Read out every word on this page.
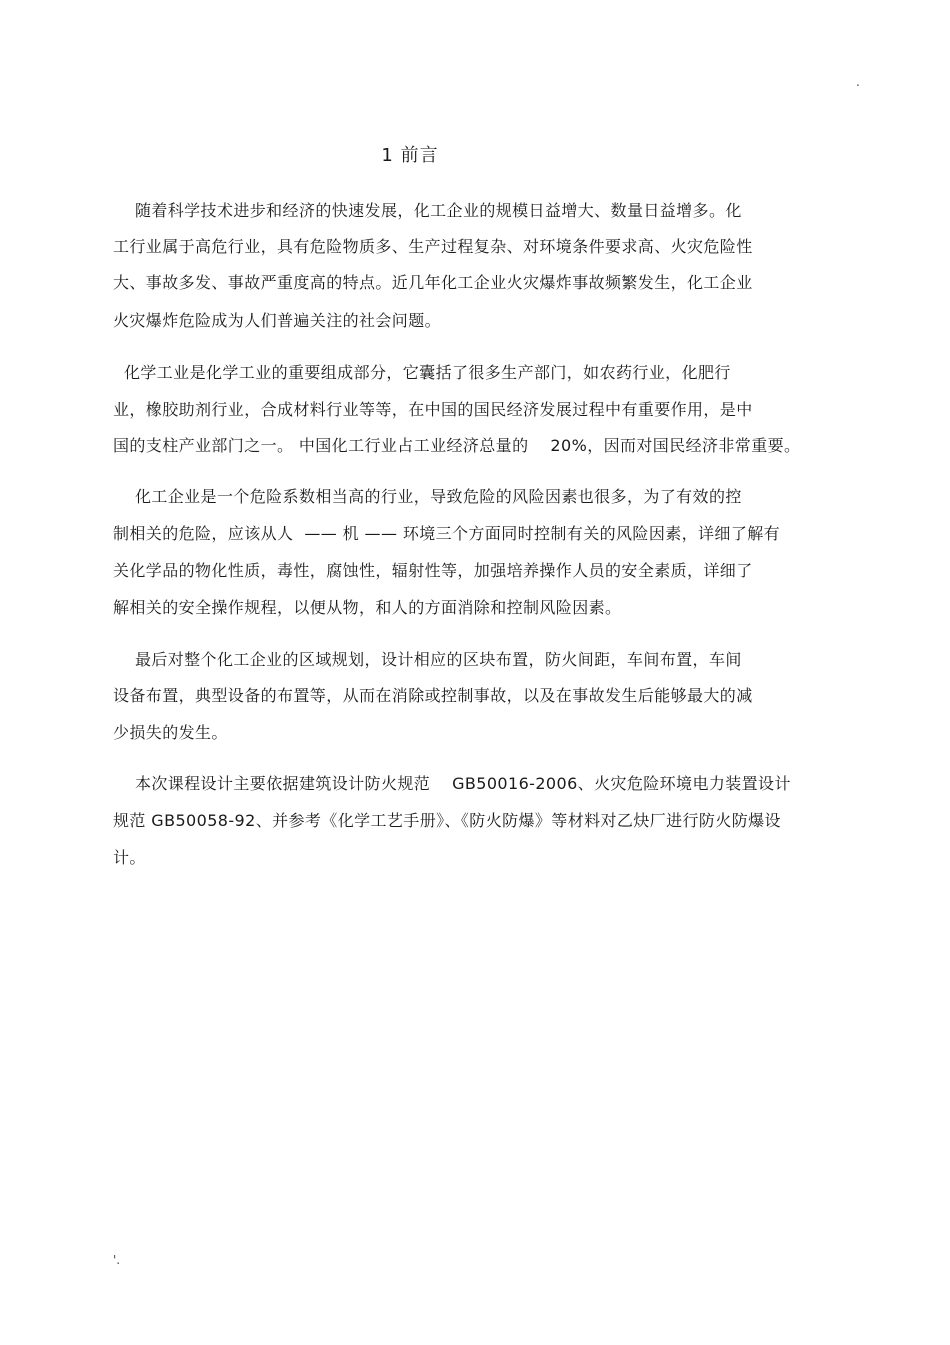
.
1 前言
随着科学技术进步和经济的快速发展，化工企业的规模日益增大、数量日益增多。化
工行业属于高危行业，具有危险物质多、生产过程复杂、对环境条件要求高、火灾危险性
大、事故多发、事故严重度高的特点。近几年化工企业火灾爆炸事故频繁发生，化工企业
火灾爆炸危险成为人们普遍关注的社会问题。
化学工业是化学工业的重要组成部分，它囊括了很多生产部门，如农药行业，化肥行
业，橡胶助剂行业，合成材料行业等等，在中国的国民经济发展过程中有重要作用，是中
国的支柱产业部门之一。 中国化工行业占工业经济总量的    20%，因而对国民经济非常重要。
化工企业是一个危险系数相当高的行业，导致危险的风险因素也很多，为了有效的控
制相关的危险，应该从人  —— 机 —— 环境三个方面同时控制有关的风险因素，详细了解有
关化学品的物化性质，毒性，腐蚀性，辐射性等，加强培养操作人员的安全素质，详细了
解相关的安全操作规程，以便从物，和人的方面消除和控制风险因素。
最后对整个化工企业的区域规划，设计相应的区块布置，防火间距，车间布置，车间
设备布置，典型设备的布置等，从而在消除或控制事故，以及在事故发生后能够最大的减
少损失的发生。
本次课程设计主要依据建筑设计防火规范    GB50016-2006、火灾危险环境电力装置设计
规范 GB50058-92、并参考《化学工艺手册》、《防火防爆》等材料对乙炔厂进行防火防爆设
计。
'.
